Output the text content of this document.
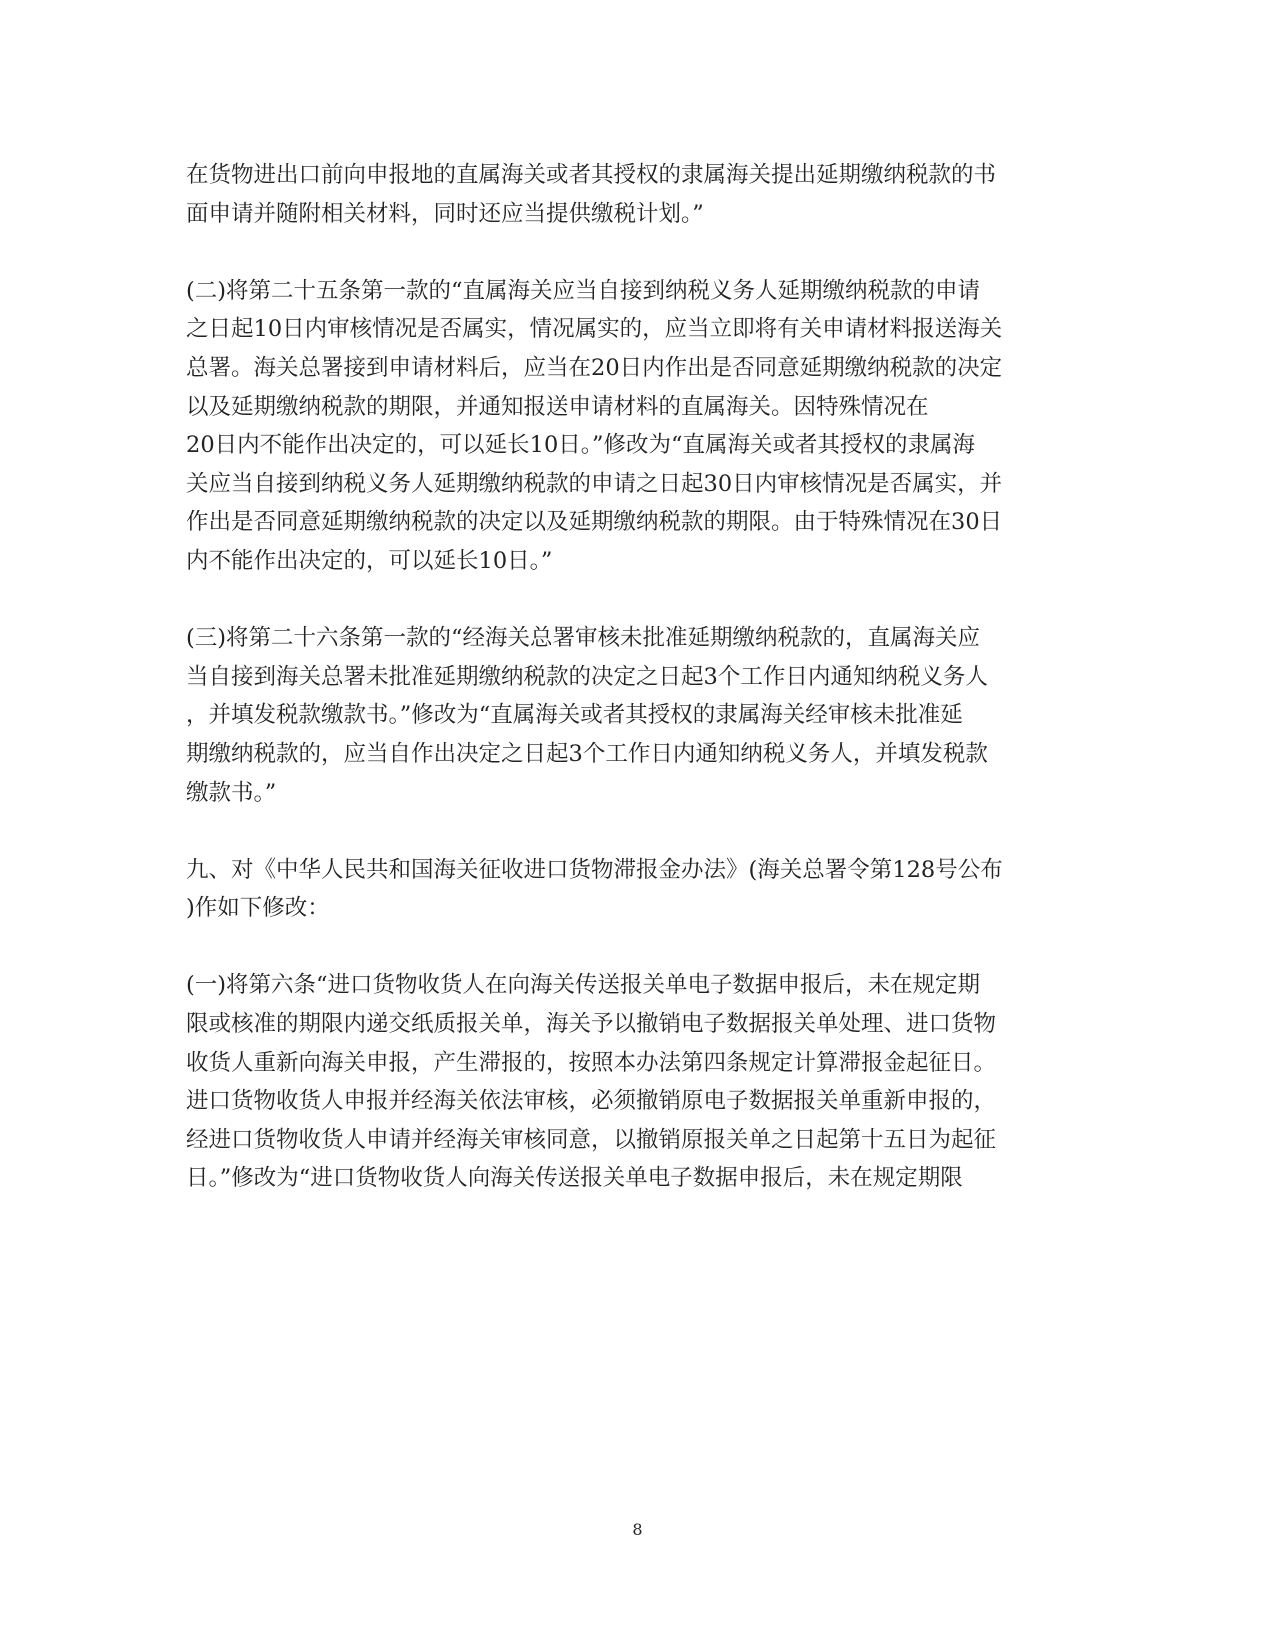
在货物进出口前向申报地的直属海关或者其授权的隶属海关提出延期缴纳税款的书
面申请并随附相关材料，同时还应当提供缴税计划。”

(二)将第二十五条第一款的“直属海关应当自接到纳税义务人延期缴纳税款的申请
之日起10日内审核情况是否属实，情况属实的，应当立即将有关申请材料报送海关
总署。海关总署接到申请材料后，应当在20日内作出是否同意延期缴纳税款的决定
以及延期缴纳税款的期限，并通知报送申请材料的直属海关。因特殊情况在
20日内不能作出决定的，可以延长10日。”修改为“直属海关或者其授权的隶属海
关应当自接到纳税义务人延期缴纳税款的申请之日起30日内审核情况是否属实，并
作出是否同意延期缴纳税款的决定以及延期缴纳税款的期限。由于特殊情况在30日
内不能作出决定的，可以延长10日。”

(三)将第二十六条第一款的“经海关总署审核未批准延期缴纳税款的，直属海关应
当自接到海关总署未批准延期缴纳税款的决定之日起3个工作日内通知纳税义务人
，并填发税款缴款书。”修改为“直属海关或者其授权的隶属海关经审核未批准延
期缴纳税款的，应当自作出决定之日起3个工作日内通知纳税义务人，并填发税款
缴款书。”

九、对《中华人民共和国海关征收进口货物滞报金办法》(海关总署令第128号公布
)作如下修改：

(一)将第六条“进口货物收货人在向海关传送报关单电子数据申报后，未在规定期
限或核准的期限内递交纸质报关单，海关予以撤销电子数据报关单处理、进口货物
收货人重新向海关申报，产生滞报的，按照本办法第四条规定计算滞报金起征日。
进口货物收货人申报并经海关依法审核，必须撤销原电子数据报关单重新申报的，
经进口货物收货人申请并经海关审核同意，以撤销原报关单之日起第十五日为起征
日。”修改为“进口货物收货人向海关传送报关单电子数据申报后，未在规定期限

8
